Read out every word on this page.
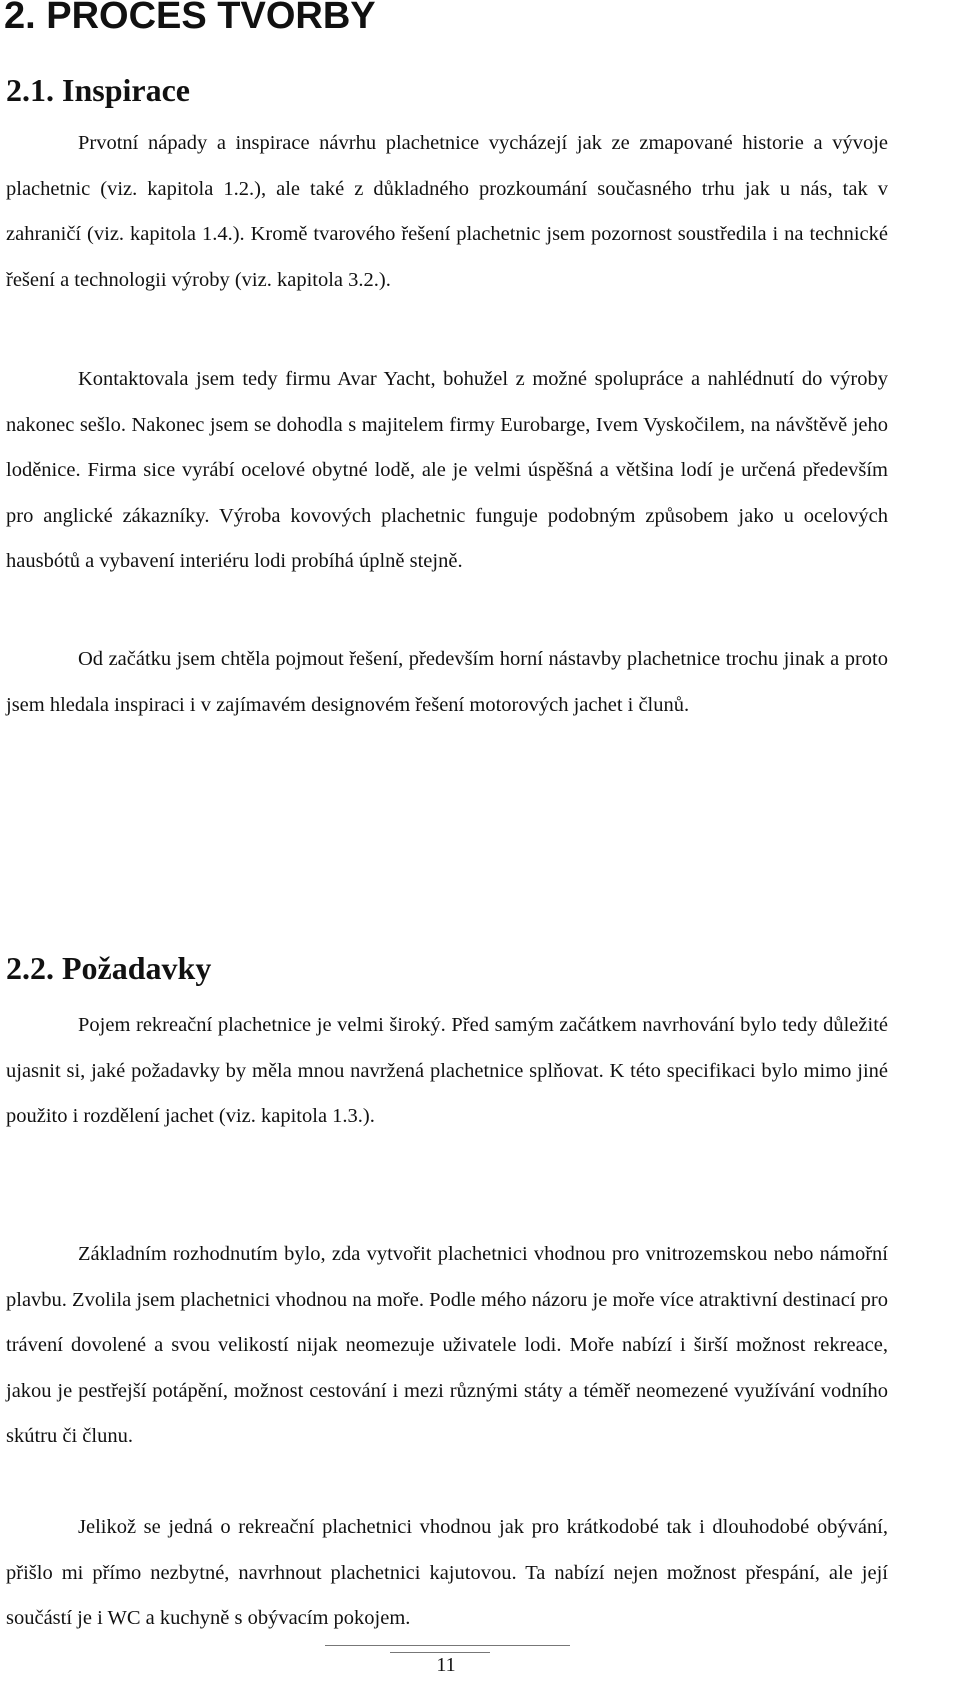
2. PROCES TVORBY
2.1. Inspirace

Prvotní nápady a inspirace návrhu plachetnice vycházejí jak ze zmapované historie a vývoje plachetnic (viz. kapitola 1.2.), ale také z důkladného prozkoumání současného trhu jak u nás, tak v zahraničí (viz. kapitola 1.4.). Kromě tvarového řešení plachetnic jsem pozornost soustředila i na technické řešení a technologii výroby (viz. kapitola 3.2.).

Kontaktovala jsem tedy firmu Avar Yacht, bohužel z možné spolupráce a nahlédnutí do výroby nakonec sešlo. Nakonec jsem se dohodla s majitelem firmy Eurobarge, Ivem Vyskočilem, na návštěvě jeho loděnice. Firma sice vyrábí ocelové obytné lodě, ale je velmi úspěšná a většina lodí je určená především pro anglické zákazníky. Výroba kovových plachetnic funguje podobným způsobem jako u ocelových hausbótů a vybavení interiéru lodi probíhá úplně stejně.

Od začátku jsem chtěla pojmout řešení, především horní nástavby plachetnice trochu jinak a proto jsem hledala inspiraci i v zajímavém designovém řešení motorových jachet i člunů.

2.2. Požadavky

Pojem rekreační plachetnice je velmi široký. Před samým začátkem navrhování bylo tedy důležité ujasnit si, jaké požadavky by měla mnou navržená plachetnice splňovat. K této specifikaci bylo mimo jiné použito i rozdělení jachet (viz. kapitola 1.3.).

Základním rozhodnutím bylo, zda vytvořit plachetnici vhodnou pro vnitrozemskou nebo námořní plavbu. Zvolila jsem plachetnici vhodnou na moře. Podle mého názoru je moře více atraktivní destinací pro trávení dovolené a svou velikostí nijak neomezuje uživatele lodi. Moře nabízí i širší možnost rekreace, jakou je pestřejší potápění, možnost cestování i mezi různými státy a téměř neomezené využívání vodního skútru či člunu.

Jelikož se jedná o rekreační plachetnici vhodnou jak pro krátkodobé tak i dlouhodobé obývání, přišlo mi přímo nezbytné, navrhnout plachetnici kajutovou. Ta nabízí nejen možnost přespání, ale její součástí je i WC a kuchyně s obývacím pokojem.

11
